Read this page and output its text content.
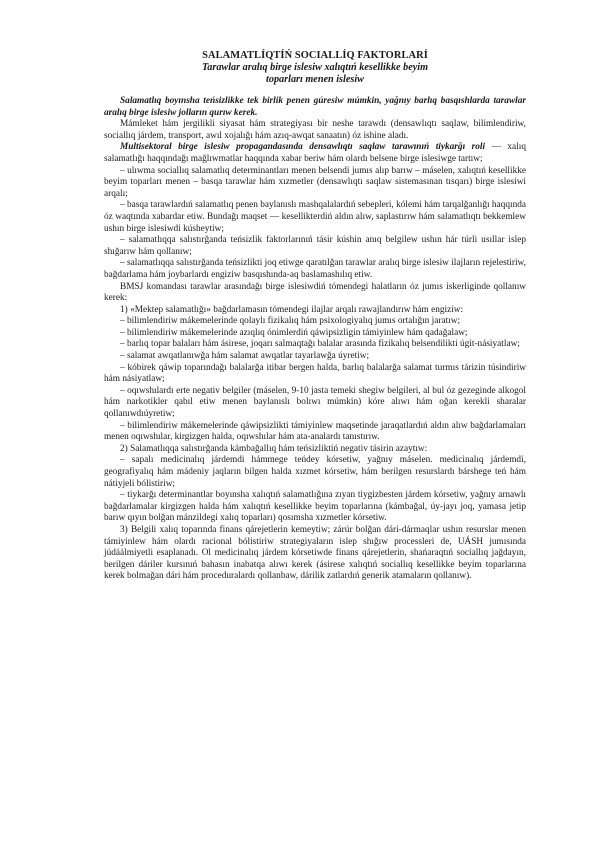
SALAMATLÍQTÍŃ SOCIALLÍQ FAKTORLARÍ
Tarawlar aralıq birge islesiw xalıqtıń kesellikke beyim
toparları menen islesiw

Salamatlıq boyınsha teńsizlikke tek birlik penen gúresiw múmkin, yağnıy barlıq basqıshlarda tarawlar aralıq birge islesiw jolların qurıw kerek.

Mámleket hám jergilikli siyasat hám strategiyası bir neshe tarawdı (densawlıqtı saqlaw, bilimlendiriw, sociallıq járdem, transport, awıl xojalığı hám azıq-awqat sanaatın) óz ishine aladı.

Multisektoral birge islesiw propagandasında densawlıqtı saqlaw tarawınıń tiykarğı roli — xalıq salamatlığı haqqındağı mağlıwmatlar haqqında xabar beriw hám olardı belsene birge islesiwge tartıw;

– ulıwma sociallıq salamatlıq determinantları menen belsendi jumıs alıp barıw – máselen, xalıqtıń kesellikke beyim toparları menen – basqa tarawlar hám xızmetler (densawlıqtı saqlaw sistemasınan tısqarı) birge islesiwi arqalı;

– basqa tarawlardıń salamatlıq penen baylanıslı mashqalalardıń sebepleri, kólemi hám tarqalğanlığı haqqında óz waqtında xabardar etiw. Bundağı maqset — kesellikterdiń aldın alıw, saplastırıw hám salamatlıqtı bekkemlew ushın birge islesiwdi kúsheytiw;

– salamatlıqqa salıstırğanda teńsizlik faktorlarınıń tásir kúshin anıq belgilew ushın hár túrli usıllar islep shığarıw hám qollanıw;

– salamatlıqqa salıstırğanda teńsizlikti joq etiwge qaratılğan tarawlar aralıq birge islesiw ilajların rejelestiriw, bağdarlama hám joybarlardı engiziw basqıshında-aq baslamashılıq etiw.

BMSJ komandası tarawlar arasındağı birge islesiwdiń tómendegi halatların óz jumıs iskerliginde qollanıw kerek:

1) «Mektep salamatlığı» bağdarlamasın tómendegi ilajlar arqalı rawajlandırıw hám engiziw:

– bilimlendiriw mákemelerinde qolaylı fizikalıq hám psixologiyalıq jumıs ortalığın jaratıw;

– bilimlendiriw mákemelerinde azıqlıq ónimlerdiń qáwipsizligin támiyinlew hám qadağalaw;

– barlıq topar balaları hám ásirese, joqarı salmaqtağı balalar arasında fizikalıq belsendilikti úgit-násiyatlaw;

– salamat awqatlanıwğa hám salamat awqatlar tayarlawğa úyretiw;

– kóbirek qáwip toparındağı balalarğa itibar bergen halda, barlıq balalarğa salamat turmıs tárizin túsindiriw hám násiyatlaw;

– oqıwshılardı erte negativ belgiler (máselen, 9-10 jasta temeki shegiw belgileri, al bul óz gezeginde alkogol hám narkotikler qabıl etiw menen baylanıslı bolıwı múmkin) kóre alıwı hám oğan kerekli sharalar qollanıwdıúyretiw;

– bilimlendiriw mákemelerinde qáwipsizlikti támiyinlew maqsetinde jaraqatlardıń aldın alıw bağdarlamaları menen oqıwshılar, kirgizgen halda, oqıwshılar hám ata-analardı tanıstırıw.

2) Salamatlıqqa salıstırğanda kámbağallıq hám teńsizliktiń negativ tásirin azaytıw:

– sapalı medicinalıq járdemdi hámmege teńdey kórsetiw, yağnıy máselen. medicinalıq járdemdi, geografiyalıq hám mádeniy jaqların bilgen halda xızmet kórsetiw, hám berilgen resurslardı bárshege teń hám nátiyjeli bólistiriw;

– tiykarğı determinantlar boyınsha xalıqtıń salamatlığına zıyan tiygizbesten járdem kórsetiw, yağnıy arnawlı bağdarlamalar kirgizgen halda hám xalıqtıń kesellikke beyim toparlarına (kámbağal, úy-jayı joq, yamasa jetip barıw qıyın bolğan mánzildegi xalıq toparları) qosımsha xızmetler kórsetiw.

3) Belgili xalıq toparında finans qárejetlerin kemeytiw; zárúr bolğan dári-dármaqlar ushın resurslar menen támiyinlew hám olardı racional bólistiriw strategiyaların islep shığıw processleri de, UÁSH jumısında júdáálmiyetli esaplanadı. Ol medicinalıq járdem kórsetiwde finans qárejetlerin, shańaraqtıń sociallıq jağdayın, berilgen dáriler kursınıń bahasın inabatqa alıwı kerek (ásirese xalıqtıń sociallıq kesellikke beyim toparlarına kerek bolmağan dári hám proceduralardı qollanbaw, dárilik zatlardıń generik atamaların qollanıw).
